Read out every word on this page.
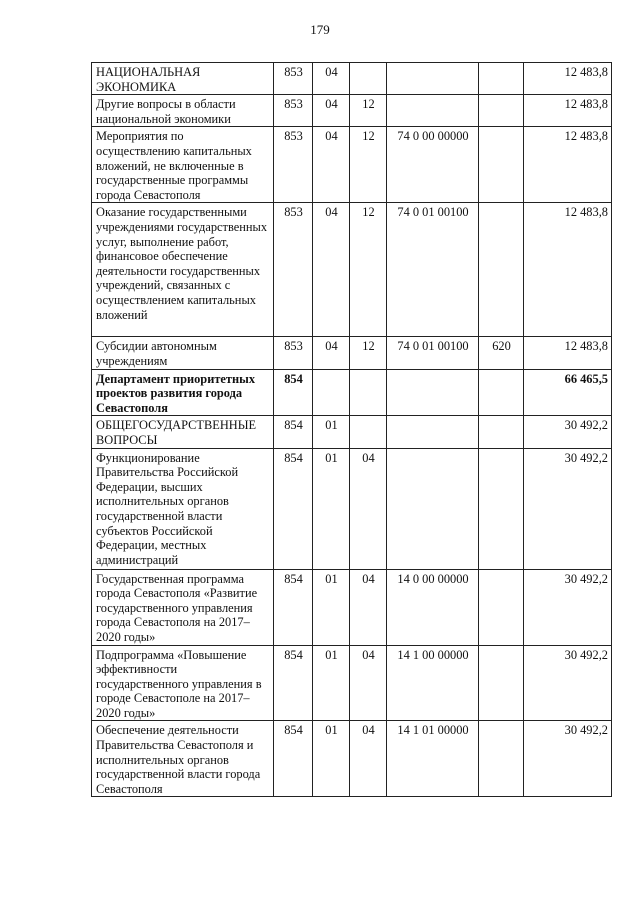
179
НАЦИОНАЛЬНАЯ ЭКОНОМИКА	853	04				12 483,8
Другие вопросы в области национальной экономики	853	04	12			12 483,8
Мероприятия по осуществлению капитальных вложений, не включенные в государственные программы города Севастополя	853	04	12	74 0 00 00000		12 483,8
Оказание государственными учреждениями государственных услуг, выполнение работ, финансовое обеспечение деятельности государственных учреждений, связанных с осуществлением капитальных вложений	853	04	12	74 0 01 00100		12 483,8
Субсидии автономным учреждениям	853	04	12	74 0 01 00100	620	12 483,8
Департамент приоритетных проектов развития города Севастополя	854					66 465,5
ОБЩЕГОСУДАРСТВЕННЫЕ ВОПРОСЫ	854	01				30 492,2
Функционирование Правительства Российской Федерации, высших исполнительных органов государственной власти субъектов Российской Федерации, местных администраций	854	01	04			30 492,2
Государственная программа города Севастополя «Развитие государственного управления города Севастополя на 2017–2020 годы»	854	01	04	14 0 00 00000		30 492,2
Подпрограмма «Повышение эффективности государственного управления в городе Севастополе на 2017–2020 годы»	854	01	04	14 1 00 00000		30 492,2
Обеспечение деятельности Правительства Севастополя и исполнительных органов государственной власти города Севастополя	854	01	04	14 1 01 00000		30 492,2
